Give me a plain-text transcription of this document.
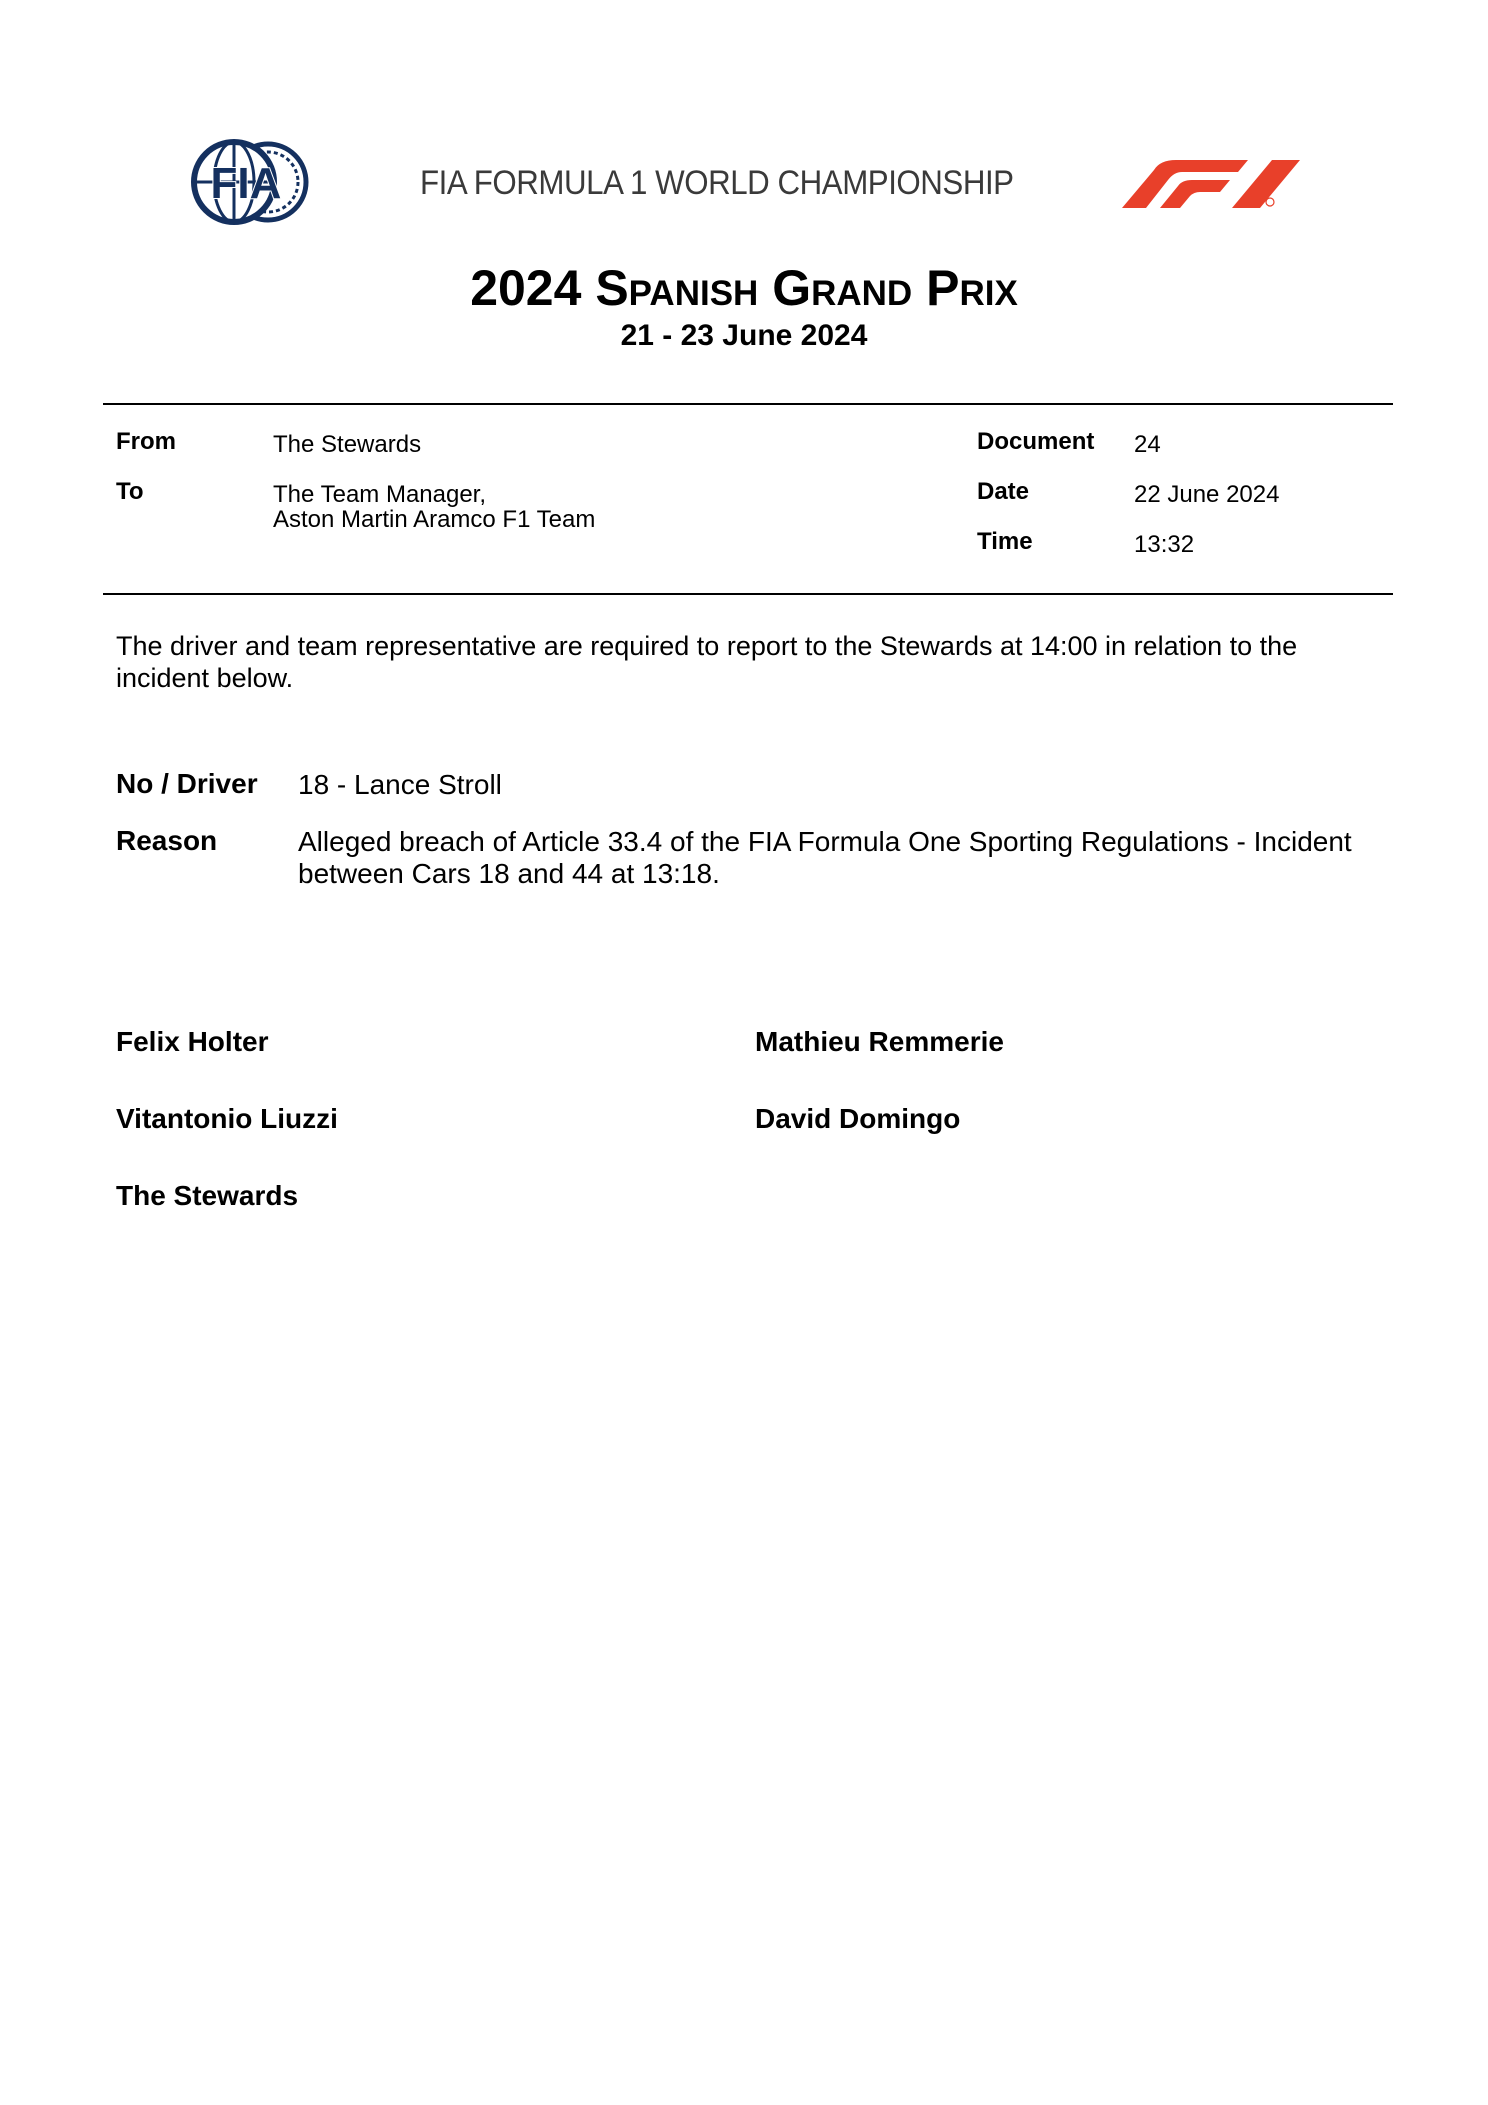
FIA	FIA FORMULA 1 WORLD CHAMPIONSHIP
2024 Spanish Grand Prix
21 - 23 June 2024
From	The Stewards
To	The Team Manager,
Aston Martin Aramco F1 Team
Document 24
Date	22 June 2024
Time	13:32
The driver and team representative are required to report to the Stewards at 14:00 in relation to the incident below.
No / Driver 18 - Lance Stroll
Reason	Alleged breach of Article 33.4 of the FIA Formula One Sporting Regulations - Incident between Cars 18 and 44 at 13:18.
Felix Holter	Mathieu Remmerie
Vitantonio Liuzzi	David Domingo
The Stewards
